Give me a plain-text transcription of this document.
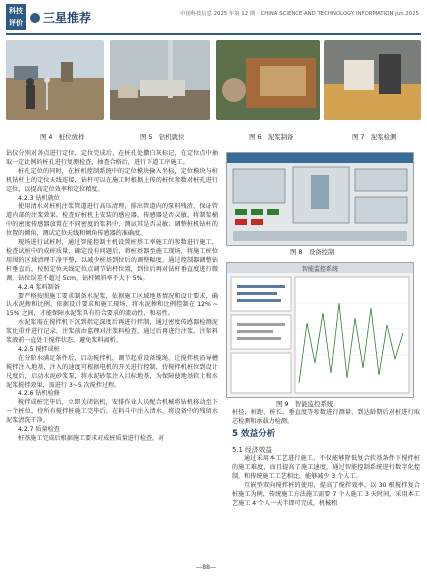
科技
评价	三星推荐	中国科技信息 2025 年第 12 期 · CHINA SCIENCE AND TECHNOLOGY INFORMATION Jun.2025
图 4　桩位放样	图 5　钻机就位	图 6　泥浆制备	图 7　泥浆检测

钻仪分别对各点进行定位，定位完成后，在桩孔处撒白灰标记，在定位点中抽取一定比例的桩孔进行复测检查，抽查合格后，进行下道工序施工。

桩孔定位的同时，在桩机控制系统中的定位模块输入坐标，定位模块与桩机钻杆上的定位天线连接，钻杆可以在施工时根据上传的桩位参数对桩孔进行定位，以提高定位效率和定位精度。

4.2.3 钻机就位

使用清水对桩机注浆管道进行高压清理，排出管道内的泵料残渣，保证管道内部的注浆效果。检查好桩机上安装的感应器、传感器是否灵敏，将制浆桶中的密度传感器放置在不同密度的浆料中，测试其是否灵敏；调整桩机钻杆的位置的倾角，测试定位天线和倾角传感器的准确度。

现场进行试桩时，通过智能控制主机设置桩基工率施工的参数进行施工，检查试桩中的成桩质量，确定没有问题后，将桩基器至施工现场，将施工桩位用围的区域清理干净平整，以减少桩基到位后的调整幅度，通过控制器调整钻杆垂直后，按照定位天线定位点调节钻杆位置，到位后再对钻杆垂直度进行微调，钻位误差不超过 5cm，钻杆倾斜率不大于 5%。

4.2.4 浆料制备

要严格按照施工要求制备水泥浆，依据施工区域地基情况和设计要求，确认水泥掺和比例，依据设计要求和施工现场，将水泥掺和比例控制在 12% ~ 15% 之间，才能保障水泥浆具有符合要求的流动性、和易性。

水泥浆需在搅拌机下沉到指定深度后再进行拌制，通过密度传感器检测泥浆比重并进行记录，注浆前由监理对注浆料检查，通过后再进行注浆，注浆料浆液前一直处于搅拌状态，避免浆料离析。

4.2.5 搅拌成桩

在分阶水满足条件后，启动搅拌机，调节起重设备缆绳，让搅拌机沿导槽搅拌注入地基，注入的速度可根据电机的开关进行控制，待搅拌机桩位到设计尺度后，启动水泥砂浆泵，将水泥砂浆注入目标地基，为保障使地基软土和水泥浆搅拌效果，需进行 3~5 次搅拌过程。

4.2.6 钻机检修

搅拌成桩完毕后，立即关闭钻机，安排作业人员配合机械将钻机移动至下一个桩位，待所有搅拌桩施工完毕后，在料斗中注入清水，将设备中的残留水泥浆清洗干净。

4.2.7 质量检查

桩基施工完成后根据施工要求对成桩质量进行检查，对

图 8　设备控制
智能监控系统
图 9　智能监控系统

桩径、桩距、桩长、垂直度等参数进行测量，到达龄期后对桩进行取芯检测和承载力检测。

5 效益分析
5.1 经济效益

通过采用本工艺进行施工，不仅能够降低复合软基条件下搅拌桩的施工难度，而且提高了施工速度，通过智能控制系统进行数字化控制，和传统施工工艺相比，能够减少 3 个人工。

互嵌型双向搅拌桩的使用，提高了搅拌效率，以 30 根搅拌复合桩施工为例，传统施工方法施工需要 7 个人施工 3 天时间，采用本工艺施工 4 个人一天半即可完成，机械租

—88—
